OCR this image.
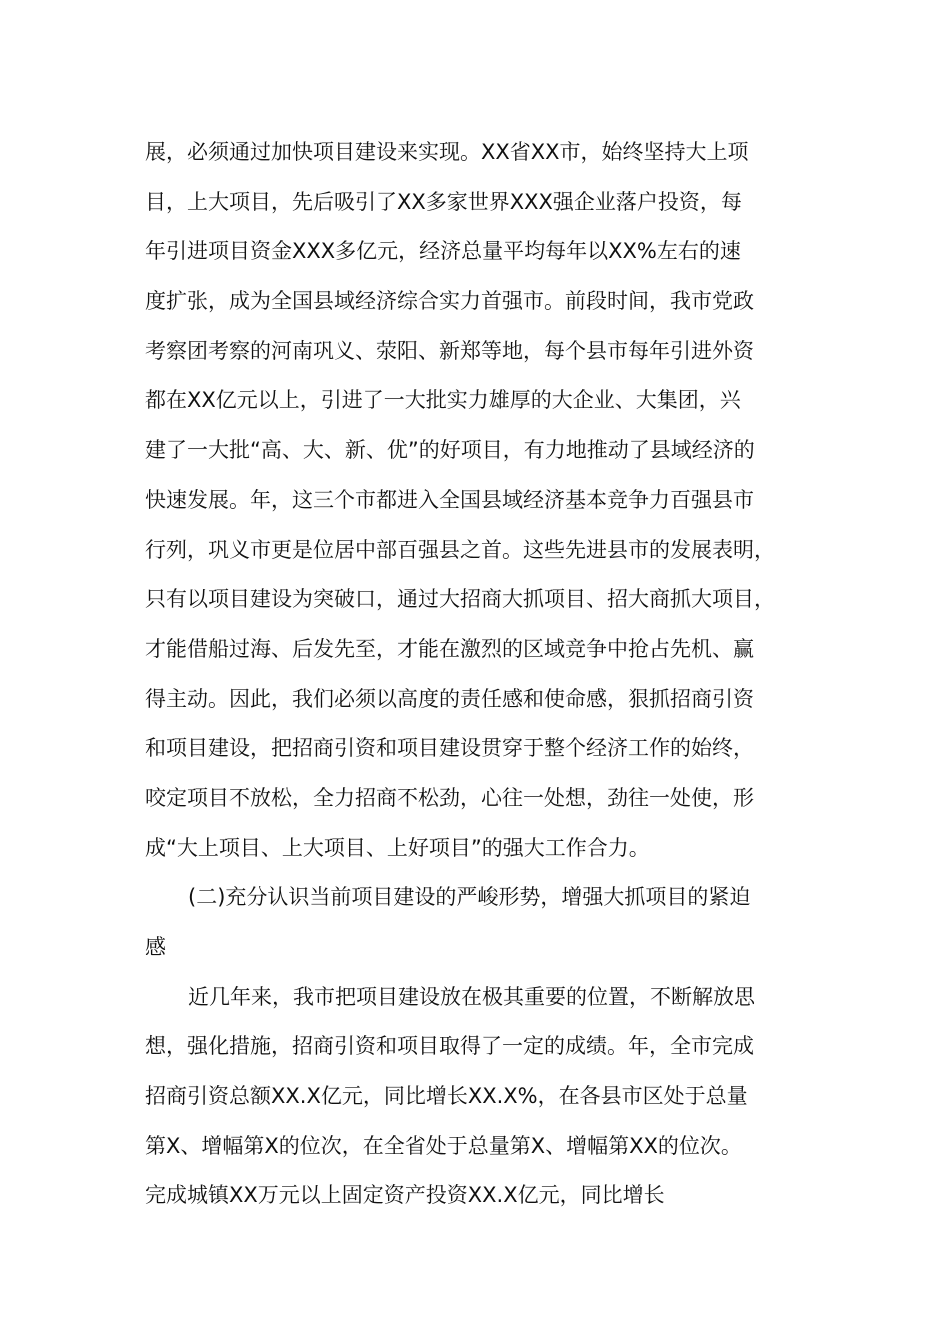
展，必须通过加快项目建设来实现。XX省XX市，始终坚持大上项
目，上大项目，先后吸引了XX多家世界XXX强企业落户投资，每
年引进项目资金XXX多亿元，经济总量平均每年以XX%左右的速
度扩张，成为全国县域经济综合实力首强市。前段时间，我市党政
考察团考察的河南巩义、荥阳、新郑等地，每个县市每年引进外资
都在XX亿元以上，引进了一大批实力雄厚的大企业、大集团，兴
建了一大批“高、大、新、优”的好项目，有力地推动了县域经济的
快速发展。年，这三个市都进入全国县域经济基本竞争力百强县市
行列，巩义市更是位居中部百强县之首。这些先进县市的发展表明，
只有以项目建设为突破口，通过大招商大抓项目、招大商抓大项目，
才能借船过海、后发先至，才能在激烈的区域竞争中抢占先机、赢
得主动。因此，我们必须以高度的责任感和使命感，狠抓招商引资
和项目建设，把招商引资和项目建设贯穿于整个经济工作的始终，
咬定项目不放松，全力招商不松劲，心往一处想，劲往一处使，形
成“大上项目、上大项目、上好项目”的强大工作合力。
(二)充分认识当前项目建设的严峻形势，增强大抓项目的紧迫
感
近几年来，我市把项目建设放在极其重要的位置，不断解放思
想，强化措施，招商引资和项目取得了一定的成绩。年，全市完成
招商引资总额XX.X亿元，同比增长XX.X%，在各县市区处于总量
第X、增幅第X的位次，在全省处于总量第X、增幅第XX的位次。
完成城镇XX万元以上固定资产投资XX.X亿元，同比增长
